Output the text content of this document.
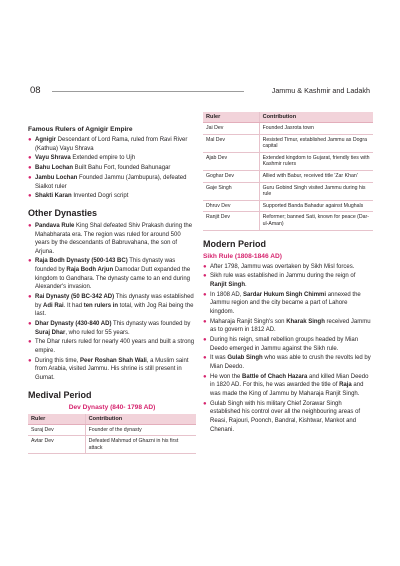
08	Jammu & Kashmir and Ladakh
Famous Rulers of Agnigir Empire
● Agnigir Descendant of Lord Rama, ruled from Ravi River (Kathua) Vayu Shrava
● Vayu Shrava Extended empire to Ujh
● Bahu Lochan Built Bahu Fort, founded Bahunagar
● Jambu Lochan Founded Jammu (Jambupura), defeated Sialkot ruler
● Shakti Karan Invented Dogri script
Other Dynasties
● Pandava Rule King Shal defeated Shiv Prakash during the Mahabharata era. The region was ruled for around 500 years by the descendants of Babruvahana, the son of Arjuna.
● Raja Bodh Dynasty (500-143 BC) This dynasty was founded by Raja Bodh Arjun Damodar Dutt expanded the kingdom to Gandhara. The dynasty came to an end during Alexander's invasion.
● Rai Dynasty (50 BC-342 AD) This dynasty was established by Adi Rai. It had ten rulers in total, with Jog Rai being the last.
● Dhar Dynasty (430-840 AD) This dynasty was founded by Suraj Dhar, who ruled for 55 years.
● The Dhar rulers ruled for nearly 400 years and built a strong empire.
● During this time, Peer Roshan Shah Wali, a Muslim saint from Arabia, visited Jammu. His shrine is still present in Gumat.
Medival Period
Dev Dynasty (840- 1798 AD)
Ruler	Contribution
Suraj Dev	Founder of the dynasty
Avtar Dev	Defeated Mahmud of Ghazni in his first attack
Ruler	Contribution
Jai Dev	Founded Jasrota town
Mal Dev	Resisted Timur, established Jammu as Dogra capital
Ajab Dev	Extended kingdom to Gujarat, friendly ties with Kashmir rulers
Goghar Dev	Allied with Babur, received title 'Zar Khan'
Gaje Singh	Guru Gobind Singh visited Jammu during his rule
Dhruv Dev	Supported Banda Bahadur against Mughals
Ranjit Dev	Reformer; banned Sati, known for peace (Dar-ul-Aman)
Modern Period
Sikh Rule (1808-1846 AD)
● After 1798, Jammu was overtaken by Sikh Misl forces.
● Sikh rule was established in Jammu during the reign of Ranjit Singh.
● In 1808 AD, Sardar Hukum Singh Chimmi annexed the Jammu region and the city became a part of Lahore kingdom.
● Maharaja Ranjit Singh's son Kharak Singh received Jammu as to govern in 1812 AD.
● During his reign, small rebellion groups headed by Mian Deedo emerged in Jammu against the Sikh rule.
● It was Gulab Singh who was able to crush the revolts led by Mian Deedo.
● He won the Battle of Chach Hazara and killed Mian Deedo in 1820 AD. For this, he was awarded the title of Raja and was made the King of Jammu by Maharaja Ranjit Singh.
● Gulab Singh with his military Chief Zorawar Singh established his control over all the neighbouring areas of Reasi, Rajouri, Poonch, Bandral, Kishtwar, Mankot and Chenani.
